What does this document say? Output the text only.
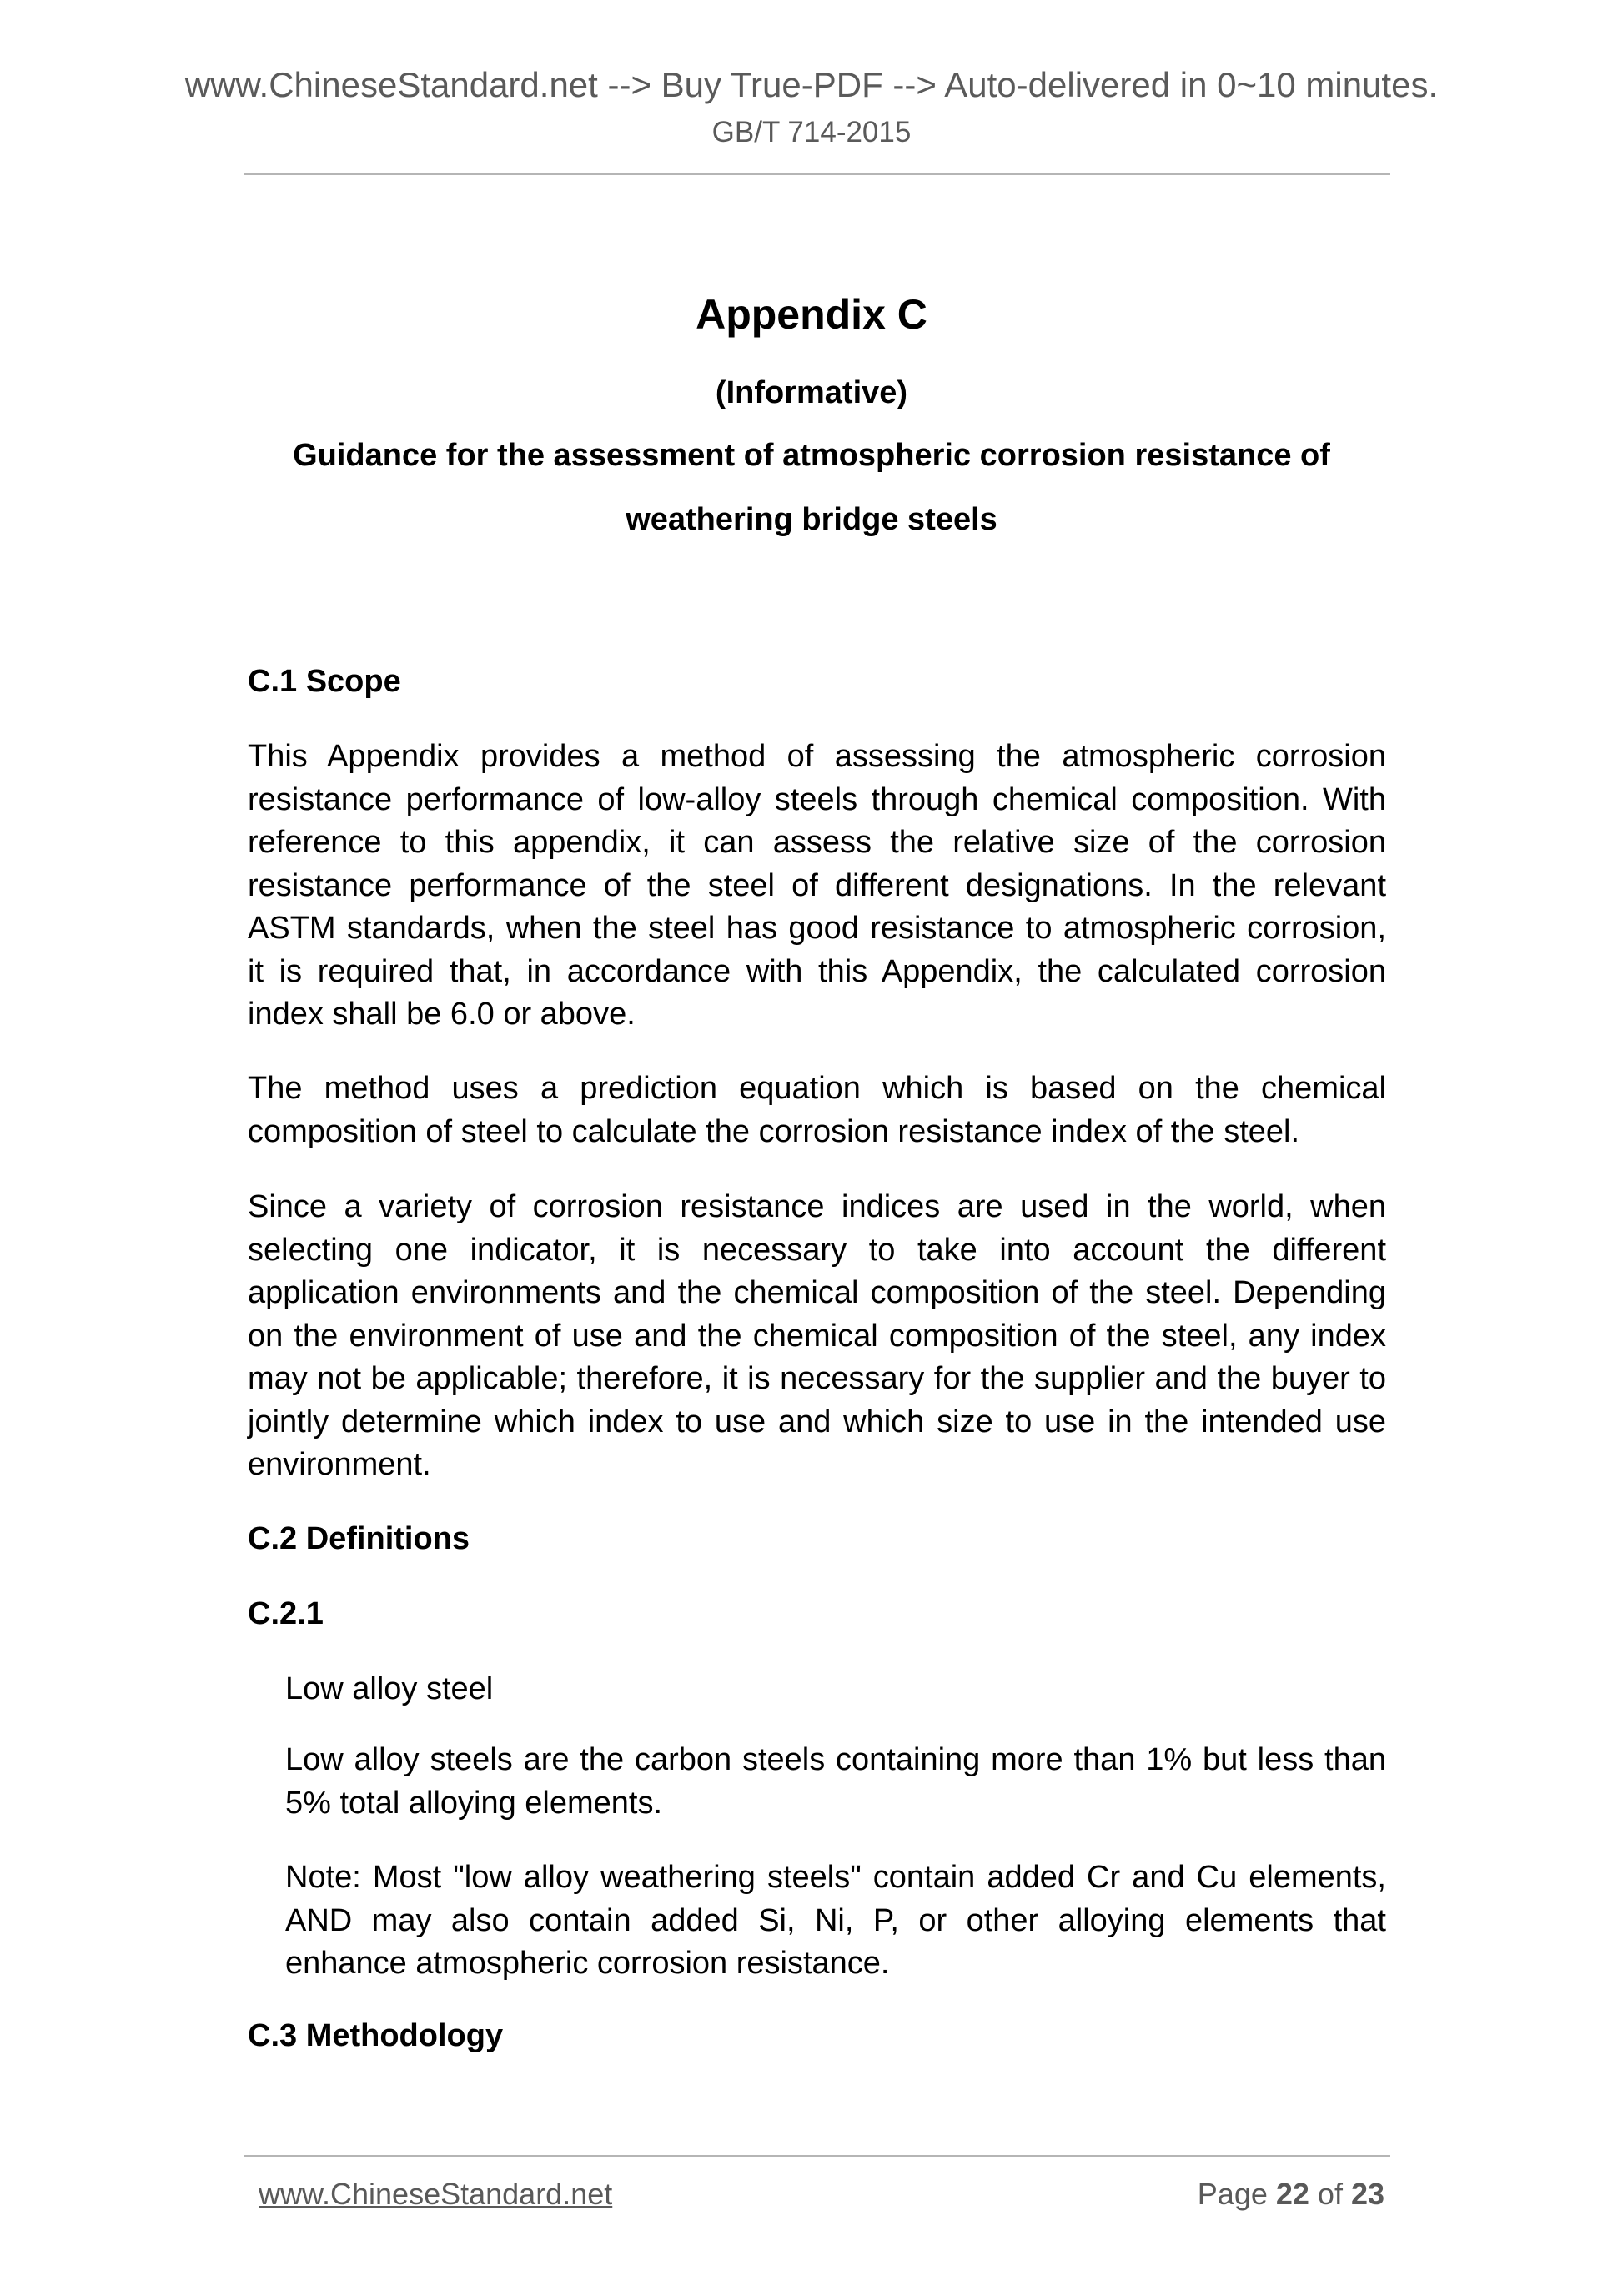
www.ChineseStandard.net --> Buy True-PDF --> Auto-delivered in 0~10 minutes.
GB/T 714-2015
Appendix C
(Informative)
Guidance for the assessment of atmospheric corrosion resistance of
weathering bridge steels
C.1 Scope

This Appendix provides a method of assessing the atmospheric corrosion resistance performance of low-alloy steels through chemical composition. With reference to this appendix, it can assess the relative size of the corrosion resistance performance of the steel of different designations. In the relevant ASTM standards, when the steel has good resistance to atmospheric corrosion, it is required that, in accordance with this Appendix, the calculated corrosion index shall be 6.0 or above.

The method uses a prediction equation which is based on the chemical composition of steel to calculate the corrosion resistance index of the steel.

Since a variety of corrosion resistance indices are used in the world, when selecting one indicator, it is necessary to take into account the different application environments and the chemical composition of the steel. Depending on the environment of use and the chemical composition of the steel, any index may not be applicable; therefore, it is necessary for the supplier and the buyer to jointly determine which index to use and which size to use in the intended use environment.

C.2 Definitions
C.2.1

Low alloy steel

Low alloy steels are the carbon steels containing more than 1% but less than 5% total alloying elements.

Note: Most "low alloy weathering steels" contain added Cr and Cu elements, AND may also contain added Si, Ni, P, or other alloying elements that enhance atmospheric corrosion resistance.

C.3 Methodology
www.ChineseStandard.net	Page 22 of 23
